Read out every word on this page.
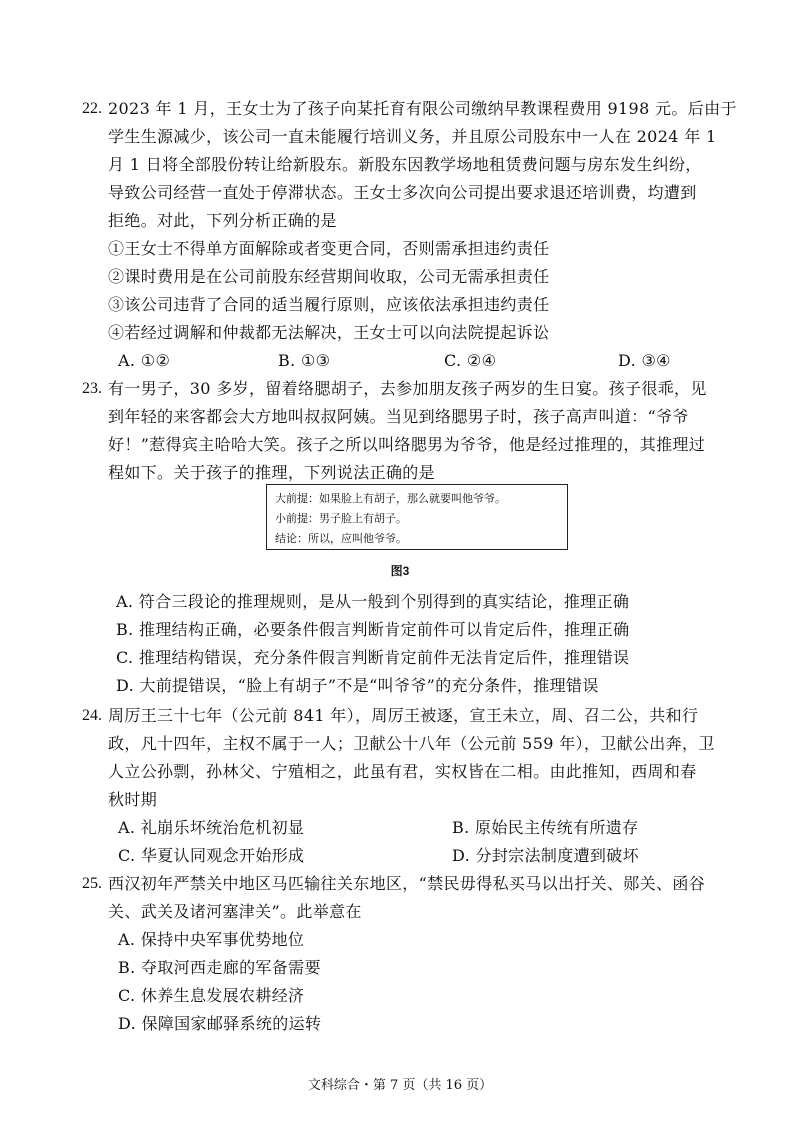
22. 2023 年 1 月，王女士为了孩子向某托育有限公司缴纳早教课程费用 9198 元。后由于
学生生源减少，该公司一直未能履行培训义务，并且原公司股东中一人在 2024 年 1
月 1 日将全部股份转让给新股东。新股东因教学场地租赁费问题与房东发生纠纷，
导致公司经营一直处于停滞状态。王女士多次向公司提出要求退还培训费，均遭到
拒绝。对此，下列分析正确的是
①王女士不得单方面解除或者变更合同，否则需承担违约责任
②课时费用是在公司前股东经营期间收取，公司无需承担责任
③该公司违背了合同的适当履行原则，应该依法承担违约责任
④若经过调解和仲裁都无法解决，王女士可以向法院提起诉讼
A. ①②	B. ①③	C. ②④	D. ③④
23. 有一男子，30 多岁，留着络腮胡子，去参加朋友孩子两岁的生日宴。孩子很乖，见
到年轻的来客都会大方地叫叔叔阿姨。当见到络腮男子时，孩子高声叫道：“爷爷
好！”惹得宾主哈哈大笑。孩子之所以叫络腮男为爷爷，他是经过推理的，其推理过
程如下。关于孩子的推理，下列说法正确的是
大前提：如果脸上有胡子，那么就要叫他爷爷。
小前提：男子脸上有胡子。
结论：所以，应叫他爷爷。
图3
A. 符合三段论的推理规则，是从一般到个别得到的真实结论，推理正确
B. 推理结构正确，必要条件假言判断肯定前件可以肯定后件，推理正确
C. 推理结构错误，充分条件假言判断肯定前件无法肯定后件，推理错误
D. 大前提错误，“脸上有胡子”不是“叫爷爷”的充分条件，推理错误
24. 周厉王三十七年（公元前 841 年），周厉王被逐，宣王未立，周、召二公，共和行
政，凡十四年，主权不属于一人；卫献公十八年（公元前 559 年），卫献公出奔，卫
人立公孙剽，孙林父、宁殖相之，此虽有君，实权皆在二相。由此推知，西周和春
秋时期
A. 礼崩乐坏统治危机初显	B. 原始民主传统有所遗存
C. 华夏认同观念开始形成	D. 分封宗法制度遭到破坏
25. 西汉初年严禁关中地区马匹输往关东地区，“禁民毋得私买马以出扜关、郧关、函谷
关、武关及诸河塞津关”。此举意在
A. 保持中央军事优势地位
B. 夺取河西走廊的军备需要
C. 休养生息发展农耕经济
D. 保障国家邮驿系统的运转
文科综合・第 7 页（共 16 页）
